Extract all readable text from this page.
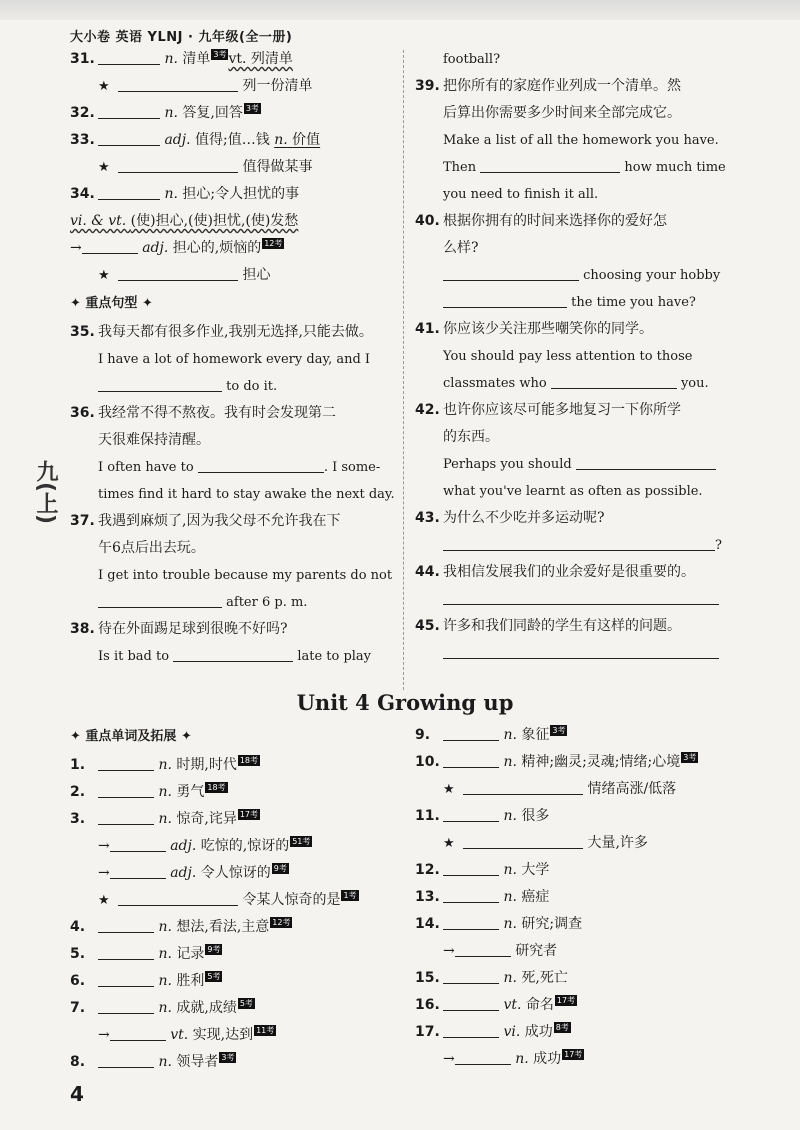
九(上)
大小卷 英语 YLNJ · 九年级(全一册)
31.	n. 清单 3考 vt. 列清单
★	列一份清单
32.	n. 答复,回答 3考
33.	adj. 值得;值…钱 n. 价值
★	值得做某事
34.	n. 担心;令人担忧的事
vi. & vt. (使)担心,(使)担忧,(使)发愁
→	adj. 担心的,烦恼的 12考
★	担心
✦ 重点句型 ✦
35. 我每天都有很多作业,我别无选择,只能去做。
I have a lot of homework every day, and I
to do it.
36. 我经常不得不熬夜。我有时会发现第二
天很难保持清醒。
I often have to	. I some-
times find it hard to stay awake the next day.
37. 我遇到麻烦了,因为我父母不允许我在下
午6点后出去玩。
I get into trouble because my parents do not
after 6 p. m.
38. 待在外面踢足球到很晚不好吗?
Is it bad to	late to play
football?
39. 把你所有的家庭作业列成一个清单。然
后算出你需要多少时间来全部完成它。
Make a list of all the homework you have.
Then	how much time
you need to finish it all.
40. 根据你拥有的时间来选择你的爱好怎
么样?
choosing your hobby
the time you have?
41. 你应该少关注那些嘲笑你的同学。
You should pay less attention to those
classmates who	you.
42. 也许你应该尽可能多地复习一下你所学
的东西。
Perhaps you should
what you've learnt as often as possible.
43. 为什么不少吃并多运动呢?
?
44. 我相信发展我们的业余爱好是很重要的。
45. 许多和我们同龄的学生有这样的问题。
Unit 4 Growing up
✦ 重点单词及拓展 ✦
1.	n. 时期,时代 18考
2.	n. 勇气 18考
3.	n. 惊奇,诧异 17考
→	adj. 吃惊的,惊讶的 51考
→	adj. 令人惊讶的 9考
★	令某人惊奇的是 1考
4.	n. 想法,看法,主意 12考
5.	n. 记录 9考
6.	n. 胜利 5考
7.	n. 成就,成绩 5考
→	vt. 实现,达到 11考
8.	n. 领导者 3考
9.	n. 象征 3考
10.	n. 精神;幽灵;灵魂;情绪;心境 3考
★	情绪高涨/低落
11.	n. 很多
★	大量,许多
12.	n. 大学
13.	n. 癌症
14.	n. 研究;调查
→	研究者
15.	n. 死,死亡
16.	vt. 命名 17考
17.	vi. 成功 8考
→	n. 成功 17考
4
